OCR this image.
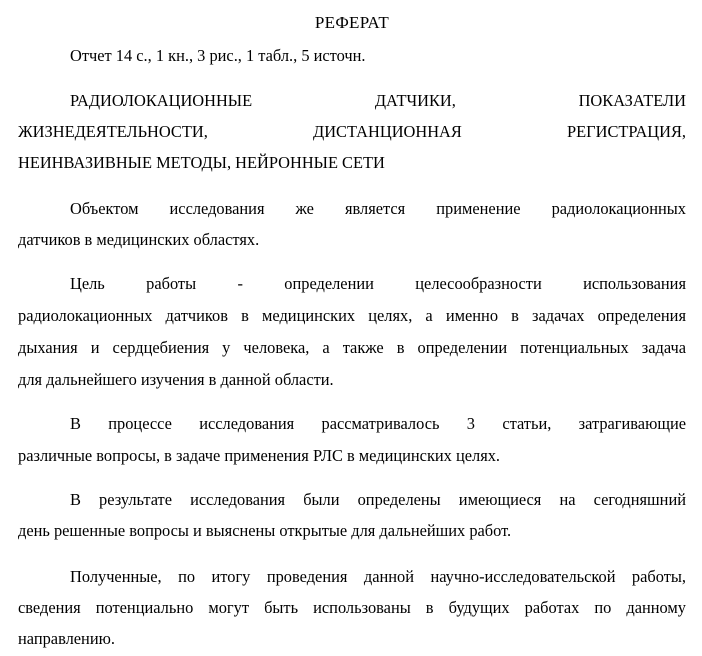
РЕФЕРАТ
Отчет 14 с., 1 кн., 3 рис., 1 табл., 5 источн.
РАДИОЛОКАЦИОННЫЕ ДАТЧИКИ, ПОКАЗАТЕЛИ
ЖИЗНЕДЕЯТЕЛЬНОСТИ, ДИСТАНЦИОННАЯ РЕГИСТРАЦИЯ,
НЕИНВАЗИВНЫЕ МЕТОДЫ, НЕЙРОННЫЕ СЕТИ
Объектом исследования же является применение радиолокационных
датчиков в медицинских областях.
Цель работы - определении целесообразности использования
радиолокационных датчиков в медицинских целях, а именно в задачах определения
дыхания и сердцебиения у человека, а также в определении потенциальных задача
для дальнейшего изучения в данной области.
В процессе исследования рассматривалось 3 статьи, затрагивающие
различные вопросы, в задаче применения РЛС в медицинских целях.
В результате исследования были определены имеющиеся на сегодняшний
день решенные вопросы и выяснены открытые для дальнейших работ.
Полученные, по итогу проведения данной научно-исследовательской работы,
сведения потенциально могут быть использованы в будущих работах по данному
направлению.
